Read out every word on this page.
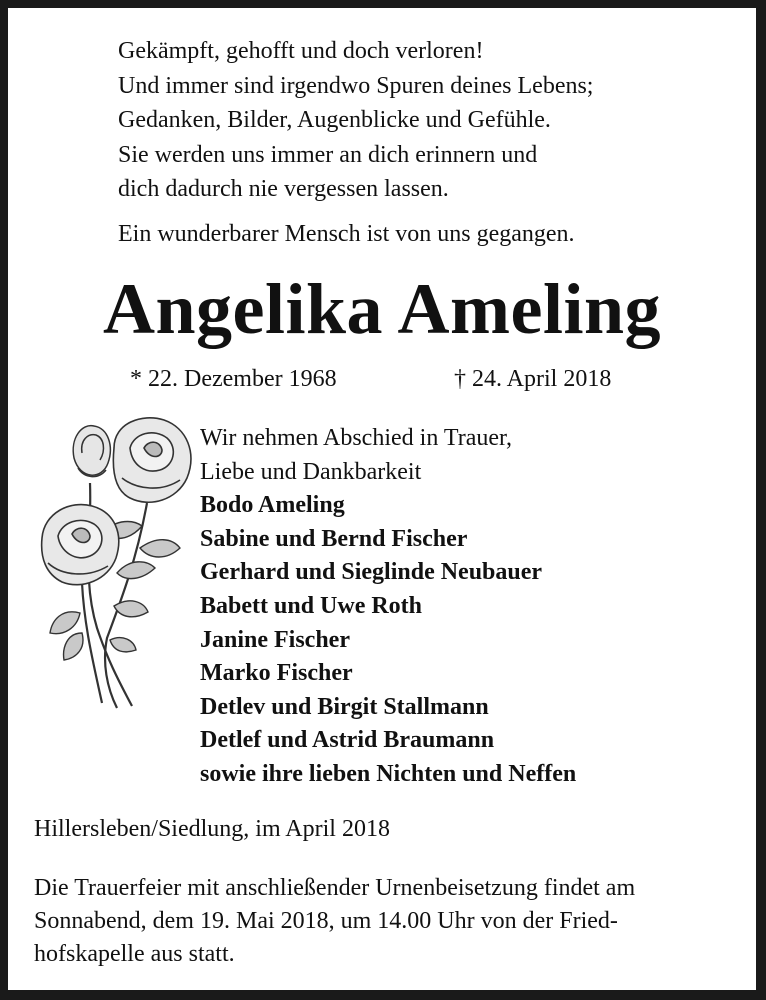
Gekämpft, gehofft und doch verloren!
Und immer sind irgendwo Spuren deines Lebens;
Gedanken, Bilder, Augenblicke und Gefühle.
Sie werden uns immer an dich erinnern und
dich dadurch nie vergessen lassen.
Ein wunderbarer Mensch ist von uns gegangen.
Angelika Ameling
* 22. Dezember 1968	† 24. April 2018
Wir nehmen Abschied in Trauer,
Liebe und Dankbarkeit
Bodo Ameling
Sabine und Bernd Fischer
Gerhard und Sieglinde Neubauer
Babett und Uwe Roth
Janine Fischer
Marko Fischer
Detlev und Birgit Stallmann
Detlef und Astrid Braumann
sowie ihre lieben Nichten und Neffen
Hillersleben/Siedlung, im April 2018
Die Trauerfeier mit anschließender Urnenbeisetzung findet am
Sonnabend, dem 19. Mai 2018, um 14.00 Uhr von der Fried-
hofskapelle aus statt.
